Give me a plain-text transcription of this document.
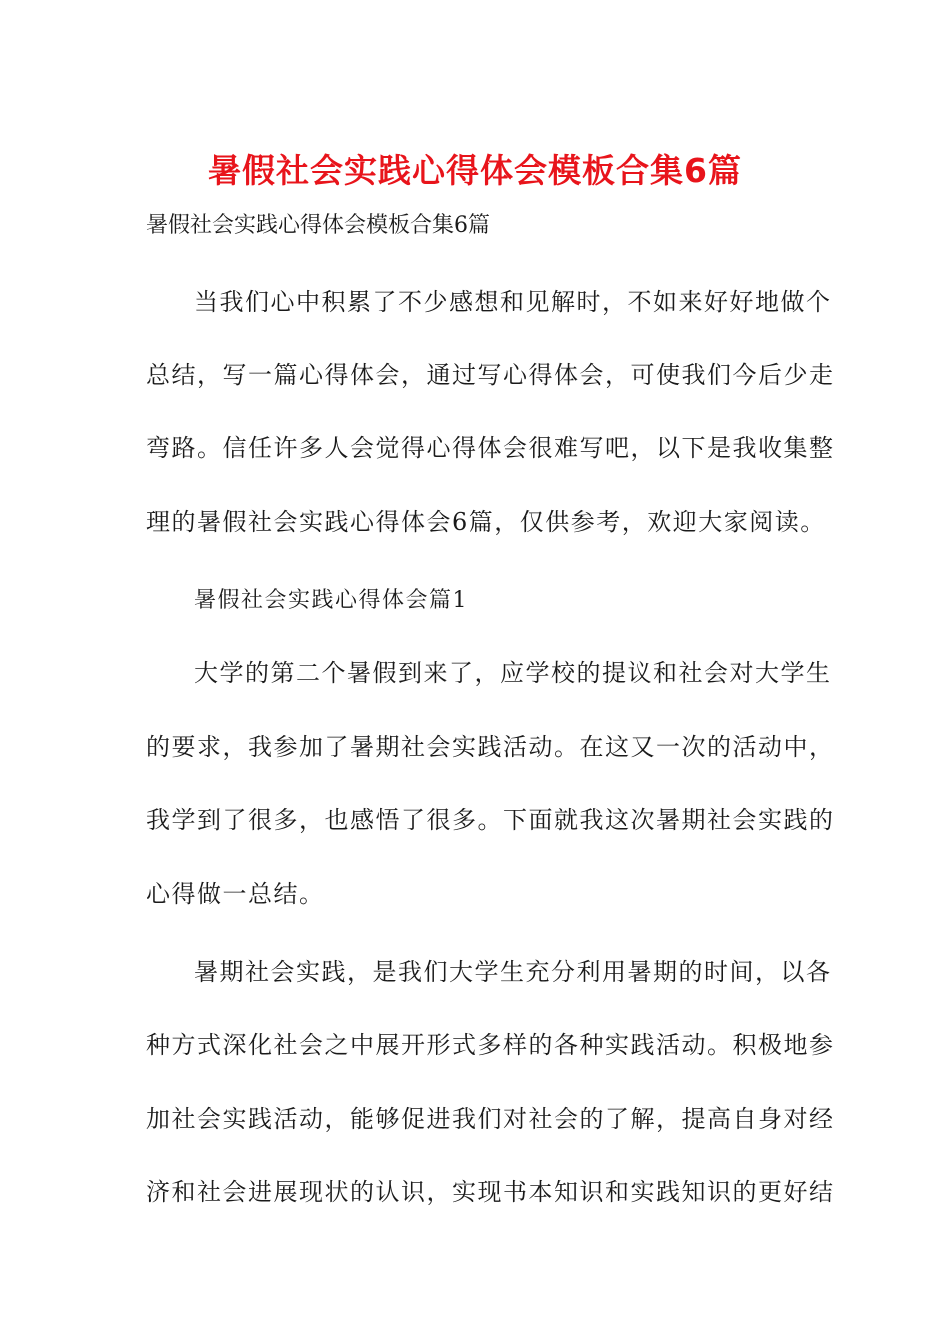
暑假社会实践心得体会模板合集6篇

暑假社会实践心得体会模板合集6篇

当我们心中积累了不少感想和见解时，不如来好好地做个
总结，写一篇心得体会，通过写心得体会，可使我们今后少走
弯路。信任许多人会觉得心得体会很难写吧，以下是我收集整
理的暑假社会实践心得体会6篇，仅供参考，欢迎大家阅读。
暑假社会实践心得体会篇1
大学的第二个暑假到来了，应学校的提议和社会对大学生
的要求，我参加了暑期社会实践活动。在这又一次的活动中，
我学到了很多，也感悟了很多。下面就我这次暑期社会实践的
心得做一总结。
暑期社会实践，是我们大学生充分利用暑期的时间，以各
种方式深化社会之中展开形式多样的各种实践活动。积极地参
加社会实践活动，能够促进我们对社会的了解，提高自身对经
济和社会进展现状的认识，实现书本知识和实践知识的更好结
